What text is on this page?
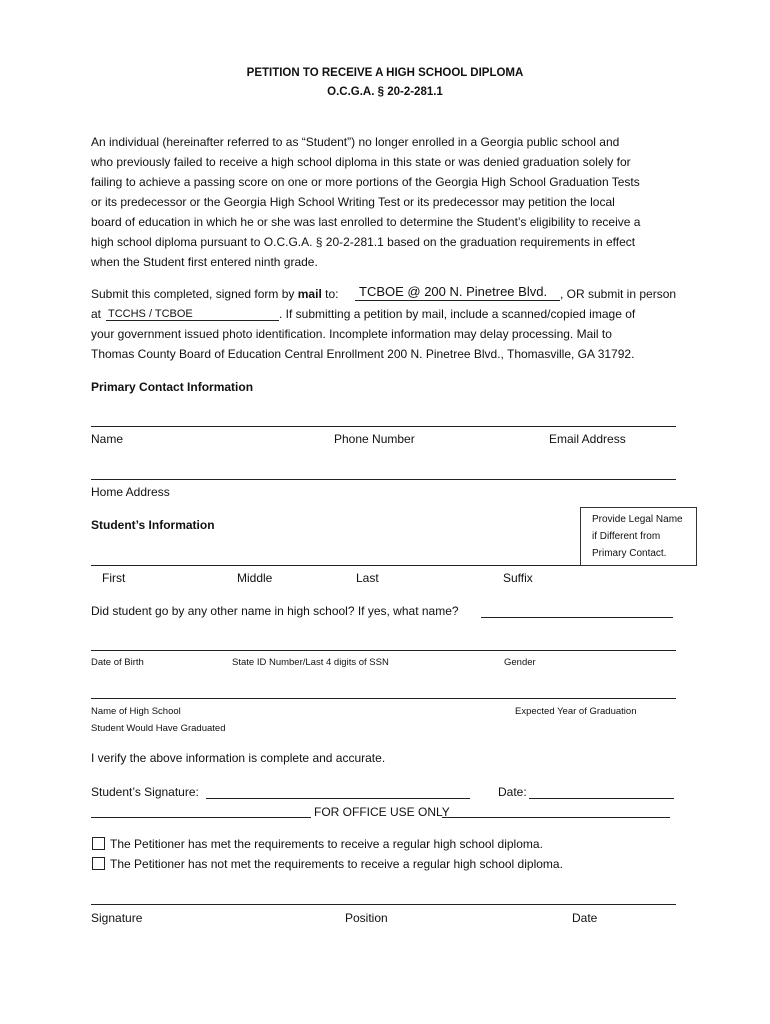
PETITION TO RECEIVE A HIGH SCHOOL DIPLOMA
O.C.G.A. § 20-2-281.1

An individual (hereinafter referred to as “Student”) no longer enrolled in a Georgia public school and

who previously failed to receive a high school diploma in this state or was denied graduation solely for

failing to achieve a passing score on one or more portions of the Georgia High School Graduation Tests

or its predecessor or the Georgia High School Writing Test or its predecessor may petition the local

board of education in which he or she was last enrolled to determine the Student’s eligibility to receive a

high school diploma pursuant to O.C.G.A. § 20-2-281.1 based on the graduation requirements in effect

when the Student first entered ninth grade.

Submit this completed, signed form by mail to: TCBOE @ 200 N. Pinetree Blvd. , OR submit in person
at TCCHS / TCBOE	. If submitting a petition by mail, include a scanned/copied image of
your government issued photo identification. Incomplete information may delay processing. Mail to
Thomas County Board of Education Central Enrollment 200 N. Pinetree Blvd., Thomasville, GA 31792.
Primary Contact Information
Name	Phone Number	Email Address
Home Address
Student’s Information	Provide Legal Name
if Different from
Primary Contact.
First	Middle	Last	Suffix
Did student go by any other name in high school? If yes, what name?
Date of Birth	State ID Number/Last 4 digits of SSN	Gender
Name of High School
Student Would Have Graduated
Expected Year of Graduation
I verify the above information is complete and accurate.
Student’s Signature:	Date:
FOR OFFICE USE ONLY
The Petitioner has met the requirements to receive a regular high school diploma.
The Petitioner has not met the requirements to receive a regular high school diploma.
Signature	Position	Date
